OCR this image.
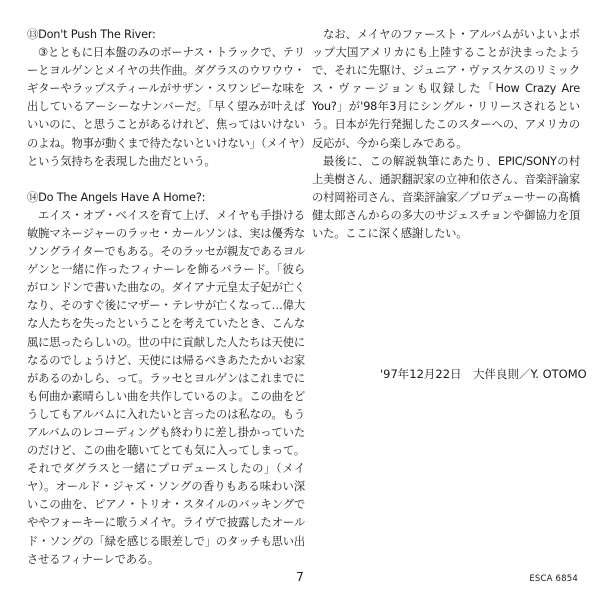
⑬Don't Push The River:

③とともに日本盤のみのボーナス・トラックで、テリーとヨルゲンとメイヤの共作曲。ダグラスのウワウウ・ギターやラップスティールがサザン・スワンピーな味を出しているアーシーなナンバーだ。「早く望みが叶えばいいのに、と思うことがあるけれど、焦ってはいけないのよね。物事が動くまで待たないといけない」（メイヤ）という気持ちを表現した曲だという。

⑭Do The Angels Have A Home?:

エイス・オブ・ベイスを育て上げ、メイヤも手掛ける敏腕マネージャーのラッセ・カールソンは、実は優秀なソングライターでもある。そのラッセが親友であるヨルゲンと一緒に作ったフィナーレを飾るバラード。「彼らがロンドンで書いた曲なの。ダイアナ元皇太子妃が亡くなり、そのすぐ後にマザー・テレサが亡くなって…偉大な人たちを失ったということを考えていたとき、こんな風に思ったらしいの。世の中に貢献した人たちは天使になるのでしょうけど、天使には帰るべきあたたかいお家があるのかしら、って。ラッセとヨルゲンはこれまでにも何曲か素晴らしい曲を共作しているのよ。この曲をどうしてもアルバムに入れたいと言ったのは私なの。もうアルバムのレコーディングも終わりに差し掛かっていたのだけど、この曲を聴いてとても気に入ってしまって。それでダグラスと一緒にプロデュースしたの」（メイヤ）。オールド・ジャズ・ソングの香りもある味わい深いこの曲を、ピアノ・トリオ・スタイルのバッキングでややフォーキーに歌うメイヤ。ライヴで披露したオールド・ソングの「緑を感じる眼差しで」のタッチも思い出させるフィナーレである。

なお、メイヤのファースト・アルバムがいよいよポップ大国アメリカにも上陸することが決まったようで、それに先駆け、ジュニア・ヴァスケスのリミックス・ヴァージョンも収録した「How Crazy Are You?」が'98年3月にシングル・リリースされるという。日本が先行発掘したこのスターへの、アメリカの反応が、今から楽しみである。

最後に、この解説執筆にあたり、EPIC/SONYの村上美樹さん、通訳翻訳家の立神和依さん、音楽評論家の村岡裕司さん、音楽評論家／プロデューサーの髙橋健太郎さんからの多大のサジェスチョンや御協力を頂いた。ここに深く感謝したい。

'97年12月22日　大伴良則／Y. OTOMO
7	ESCA 6854
